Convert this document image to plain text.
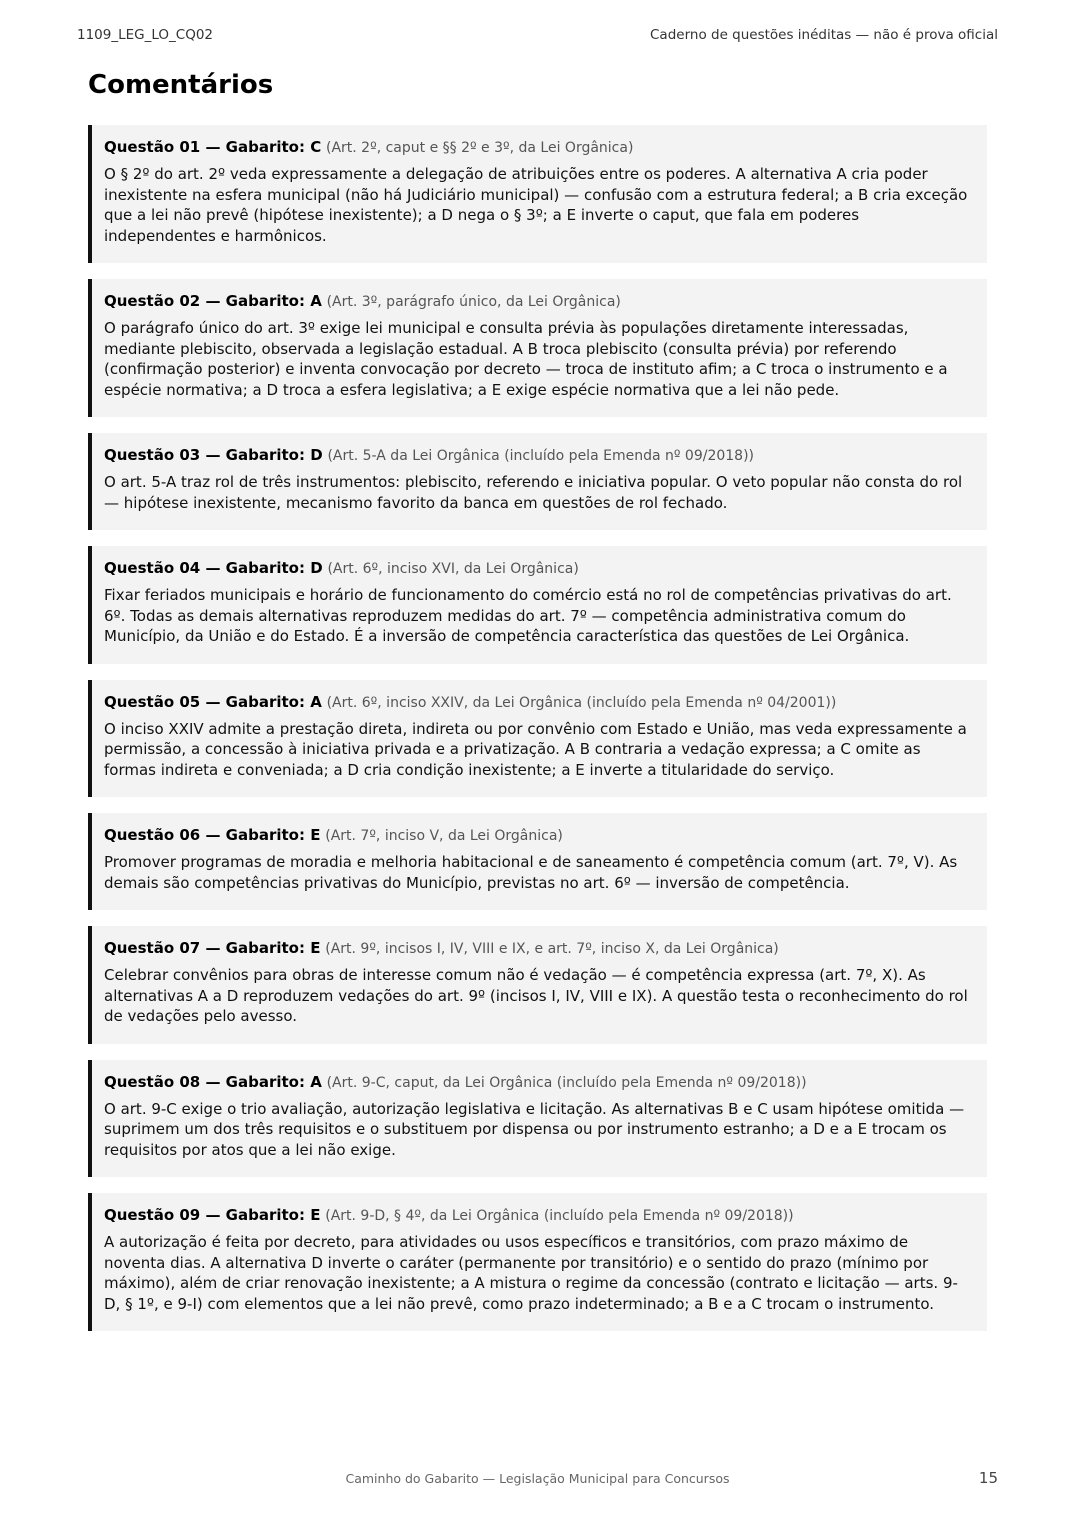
1109_LEG_LO_CQ02	Caderno de questões inéditas — não é prova oficial
Comentários

Questão 01 — Gabarito: C (Art. 2º, caput e §§ 2º e 3º, da Lei Orgânica)

O § 2º do art. 2º veda expressamente a delegação de atribuições entre os poderes. A alternativa A cria poder inexistente na esfera municipal (não há Judiciário municipal) — confusão com a estrutura federal; a B cria exceção que a lei não prevê (hipótese inexistente); a D nega o § 3º; a E inverte o caput, que fala em poderes independentes e harmônicos.

Questão 02 — Gabarito: A (Art. 3º, parágrafo único, da Lei Orgânica)

O parágrafo único do art. 3º exige lei municipal e consulta prévia às populações diretamente interessadas, mediante plebiscito, observada a legislação estadual. A B troca plebiscito (consulta prévia) por referendo (confirmação posterior) e inventa convocação por decreto — troca de instituto afim; a C troca o instrumento e a espécie normativa; a D troca a esfera legislativa; a E exige espécie normativa que a lei não pede.

Questão 03 — Gabarito: D (Art. 5-A da Lei Orgânica (incluído pela Emenda nº 09/2018))

O art. 5-A traz rol de três instrumentos: plebiscito, referendo e iniciativa popular. O veto popular não consta do rol — hipótese inexistente, mecanismo favorito da banca em questões de rol fechado.

Questão 04 — Gabarito: D (Art. 6º, inciso XVI, da Lei Orgânica)

Fixar feriados municipais e horário de funcionamento do comércio está no rol de competências privativas do art. 6º. Todas as demais alternativas reproduzem medidas do art. 7º — competência administrativa comum do Município, da União e do Estado. É a inversão de competência característica das questões de Lei Orgânica.

Questão 05 — Gabarito: A (Art. 6º, inciso XXIV, da Lei Orgânica (incluído pela Emenda nº 04/2001))

O inciso XXIV admite a prestação direta, indireta ou por convênio com Estado e União, mas veda expressamente a permissão, a concessão à iniciativa privada e a privatização. A B contraria a vedação expressa; a C omite as formas indireta e conveniada; a D cria condição inexistente; a E inverte a titularidade do serviço.

Questão 06 — Gabarito: E (Art. 7º, inciso V, da Lei Orgânica)

Promover programas de moradia e melhoria habitacional e de saneamento é competência comum (art. 7º, V). As demais são competências privativas do Município, previstas no art. 6º — inversão de competência.

Questão 07 — Gabarito: E (Art. 9º, incisos I, IV, VIII e IX, e art. 7º, inciso X, da Lei Orgânica)

Celebrar convênios para obras de interesse comum não é vedação — é competência expressa (art. 7º, X). As alternativas A a D reproduzem vedações do art. 9º (incisos I, IV, VIII e IX). A questão testa o reconhecimento do rol de vedações pelo avesso.

Questão 08 — Gabarito: A (Art. 9-C, caput, da Lei Orgânica (incluído pela Emenda nº 09/2018))

O art. 9-C exige o trio avaliação, autorização legislativa e licitação. As alternativas B e C usam hipótese omitida — suprimem um dos três requisitos e o substituem por dispensa ou por instrumento estranho; a D e a E trocam os requisitos por atos que a lei não exige.

Questão 09 — Gabarito: E (Art. 9-D, § 4º, da Lei Orgânica (incluído pela Emenda nº 09/2018))

A autorização é feita por decreto, para atividades ou usos específicos e transitórios, com prazo máximo de noventa dias. A alternativa D inverte o caráter (permanente por transitório) e o sentido do prazo (mínimo por máximo), além de criar renovação inexistente; a A mistura o regime da concessão (contrato e licitação — arts. 9-D, § 1º, e 9-I) com elementos que a lei não prevê, como prazo indeterminado; a B e a C trocam o instrumento.

Caminho do Gabarito — Legislação Municipal para Concursos	15
